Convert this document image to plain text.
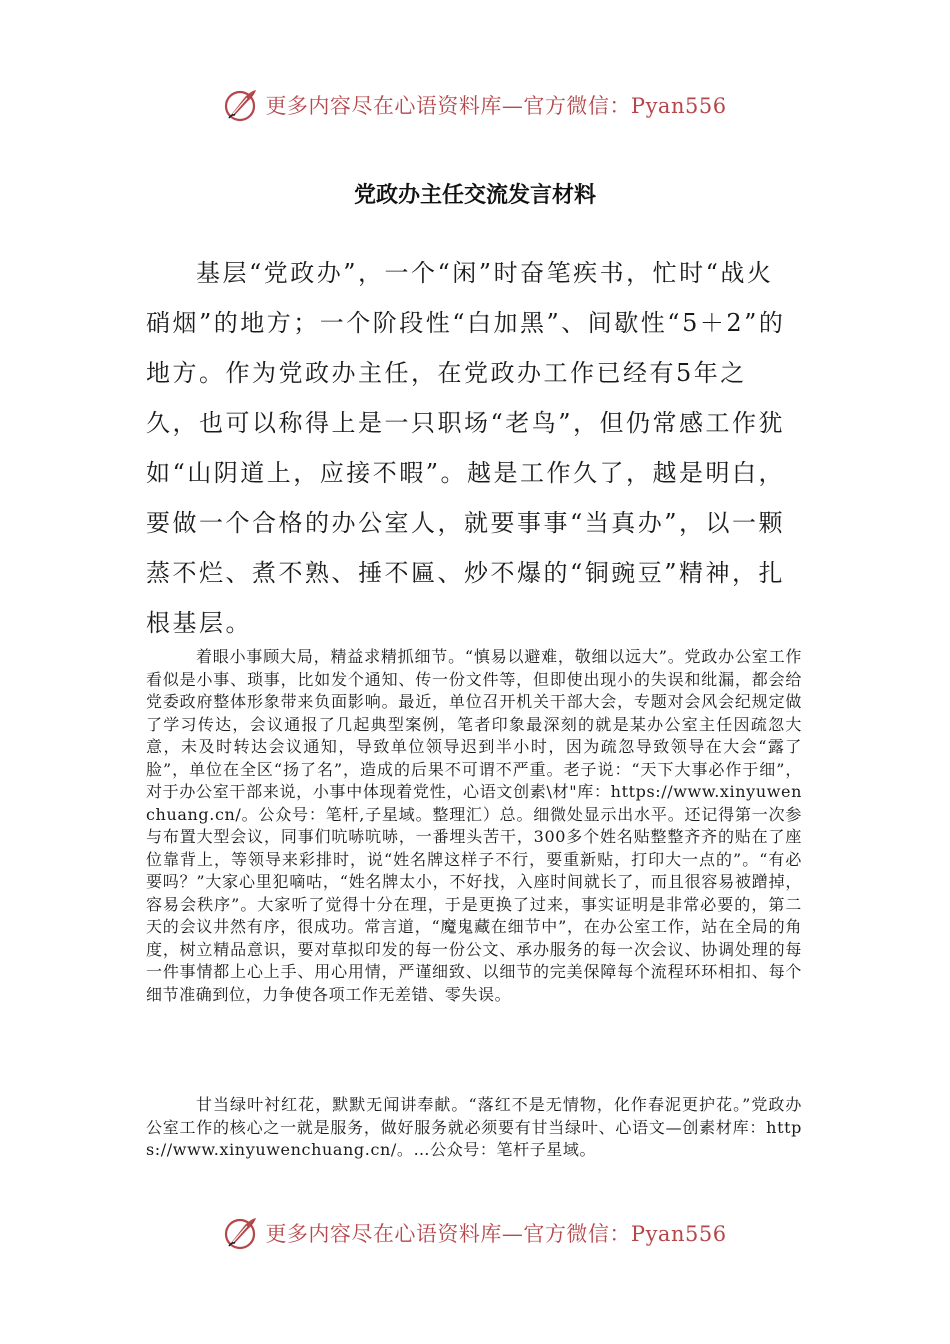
更多内容尽在心语资料库—官方微信：Pyan556
党政办主任交流发言材料

基层“党政办”，一个“闲”时奋笔疾书，忙时“战火硝烟”的地方；一个阶段性“白加黑”、间歇性“5＋2”的地方。作为党政办主任，在党政办工作已经有5年之久，也可以称得上是一只职场“老鸟”，但仍常感工作犹如“山阴道上，应接不暇”。越是工作久了，越是明白，要做一个合格的办公室人，就要事事“当真办”，以一颗蒸不烂、煮不熟、捶不匾、炒不爆的“铜豌豆”精神，扎根基层。

着眼小事顾大局，精益求精抓细节。“慎易以避难，敬细以远大”。党政办公室工作看似是小事、琐事，比如发个通知、传一份文件等，但即使出现小的失误和纰漏，都会给党委政府整体形象带来负面影响。最近，单位召开机关干部大会，专题对会风会纪规定做了学习传达，会议通报了几起典型案例，笔者印象最深刻的就是某办公室主任因疏忽大意，未及时转达会议通知，导致单位领导迟到半小时，因为疏忽导致领导在大会“露了脸”，单位在全区“扬了名”，造成的后果不可谓不严重。老子说：“天下大事必作于细”，对于办公室干部来说，小事中体现着党性，心语文创素\材"库：https://www.xinyuwenchuang.cn/。公众号：笔杆,子星域。整理汇）总。细微处显示出水平。还记得第一次参与布置大型会议，同事们吭哧吭哧，一番埋头苦干，300多个姓名贴整整齐齐的贴在了座位靠背上，等领导来彩排时，说“姓名牌这样子不行，要重新贴，打印大一点的”。“有必要吗？”大家心里犯嘀咕，“姓名牌太小，不好找，入座时间就长了，而且很容易被蹭掉，容易会秩序”。大家听了觉得十分在理，于是更换了过来，事实证明是非常必要的，第二天的会议井然有序，很成功。常言道，“魔鬼藏在细节中”，在办公室工作，站在全局的角度，树立精品意识，要对草拟印发的每一份公文、承办服务的每一次会议、协调处理的每一件事情都上心上手、用心用情，严谨细致、以细节的完美保障每个流程环环相扣、每个细节准确到位，力争使各项工作无差错、零失误。

甘当绿叶衬红花，默默无闻讲奉献。“落红不是无情物，化作春泥更护花。”党政办公室工作的核心之一就是服务，做好服务就必须要有甘当绿叶、心语文—创素材库：https://www.xinyuwenchuang.cn/。…公众号：笔杆子星域。

更多内容尽在心语资料库—官方微信：Pyan556
